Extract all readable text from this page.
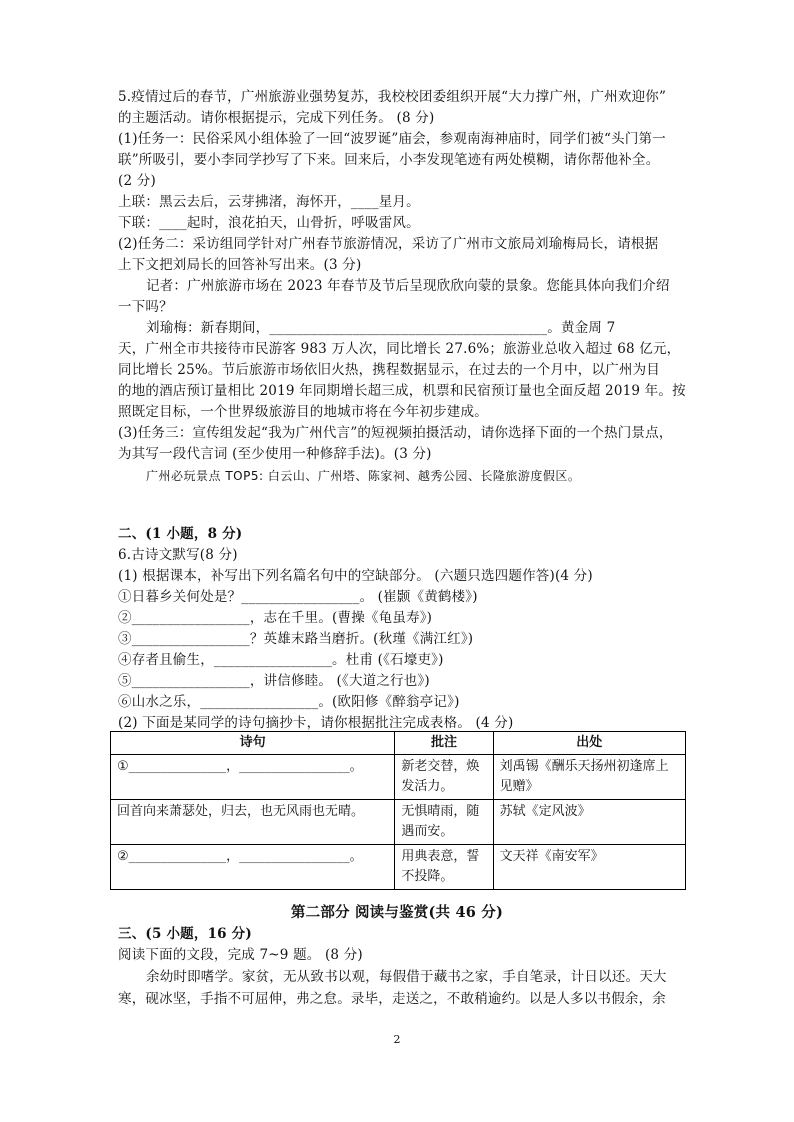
5.疫情过后的春节，广州旅游业强势复苏，我校校团委组织开展“大力撑广州，广州欢迎你”
的主题活动。请你根据提示，完成下列任务。 (8 分)
(1)任务一：民俗采风小组体验了一回“波罗诞”庙会，参观南海神庙时，同学们被“头门第一
联”所吸引，要小李同学抄写了下来。回来后，小李发现笔迹有两处模糊，请你帮他补全。
(2 分)
上联：黑云去后，云芽拂渚，海怀开，____星月。
下联：____起时，浪花拍天，山骨折，呼吸雷风。
(2)任务二：采访组同学针对广州春节旅游情况，采访了广州市文旅局刘瑜梅局长，请根据
上下文把刘局长的回答补写出来。(3 分)
记者：广州旅游市场在 2023 年春节及节后呈现欣欣向蒙的景象。您能具体向我们介绍
一下吗？
刘瑜梅：新春期间，________________________________________。黄金周 7
天，广州全市共接待市民游客 983 万人次，同比增长 27.6%；旅游业总收入超过 68 亿元，
同比增长 25%。节后旅游市场依旧火热，携程数据显示，在过去的一个月中，以广州为目
的地的酒店预订量相比 2019 年同期增长超三成，机票和民宿预订量也全面反超 2019 年。按
照既定目标，一个世界级旅游目的地城市将在今年初步建成。
(3)任务三：宣传组发起“我为广州代言”的短视频拍摄活动，请你选择下面的一个热门景点，
为其写一段代言词 (至少使用一种修辞手法)。(3 分)
广州必玩景点 TOP5: 白云山、广州塔、陈家祠、越秀公园、长隆旅游度假区。
二、(1 小题，8 分)
6.古诗文默写(8 分)
(1) 根据课本，补写出下列名篇名句中的空缺部分。 (六题只选四题作答)(4 分)
①日暮乡关何处是？_________________。 (崔颢《黄鹤楼》)
②_________________，志在千里。(曹操《龟虽寿》)
③_________________？英雄末路当磨折。(秋瑾《满江红》)
④存者且偷生，_________________。杜甫 (《石壕吏》)
⑤_________________，讲信修睦。 (《大道之行也》)
⑥山水之乐，_________________。(欧阳修《醉翁亭记》)
(2) 下面是某同学的诗句摘抄卡，请你根据批注完成表格。 (4 分)
诗句	批注	出处
①_______________，_________________。	新老交替，焕发活力。	刘禹锡《酬乐天扬州初逢席上见赠》
回首向来萧瑟处，归去，也无风雨也无晴。	无惧晴雨，随遇而安。	苏轼《定风波》
②_______________，_________________。	用典表意，誓不投降。	文天祥《南安军》
第二部分 阅读与鉴赏(共 46 分)
三、(5 小题，16 分)
阅读下面的文段，完成 7~9 题。 (8 分)
余幼时即嗜学。家贫，无从致书以观，每假借于藏书之家，手自笔录，计日以还。天大
寒，砚冰坚，手指不可屈伸，弗之怠。录毕，走送之，不敢稍逾约。以是人多以书假余，余
2
